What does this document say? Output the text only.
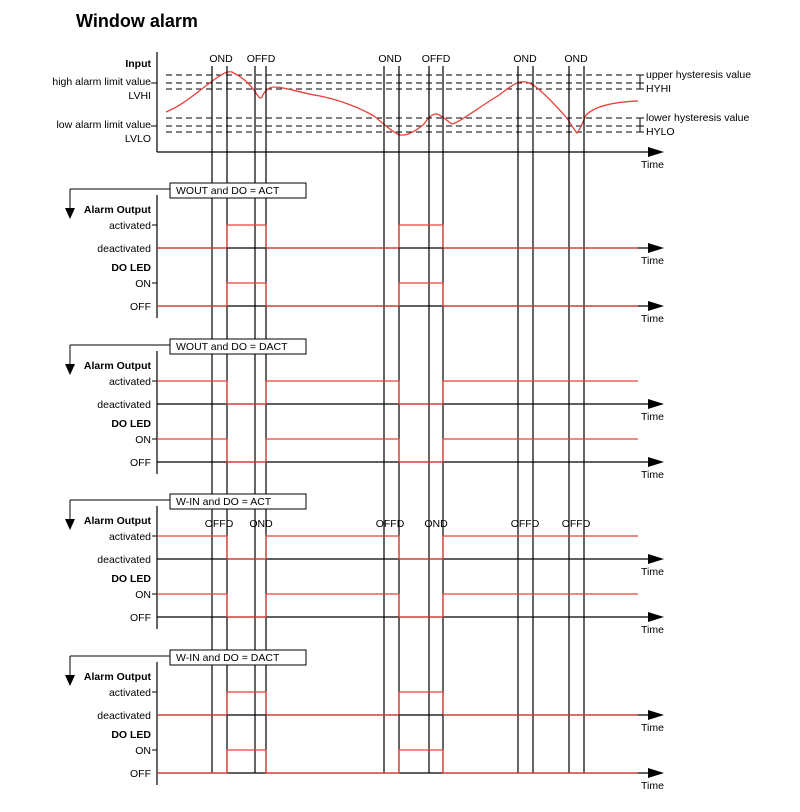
Window alarm
Input
Time
high alarm limit value
LVHI
low alarm limit value
LVLO
upper hysteresis value
HYHI
lower hysteresis value
HYLO
OND OFFD	OND OFFD	OND	OND
WOUT and DO = ACT
Alarm Output
activated
deactivated
DO LED
ON
OFF
Time
Time
WOUT and DO = DACT
Alarm Output
activated
deactivated
DO LED
ON
OFF
Time
Time
W-IN and DO = ACT
Alarm Output
activated
deactivated
DO LED
ON
OFF
Time
Time
OFFD OND	OFFD OND	OFFD OFFD
W-IN and DO = DACT
Alarm Output
activated
deactivated
DO LED
ON
OFF
Time
Time
